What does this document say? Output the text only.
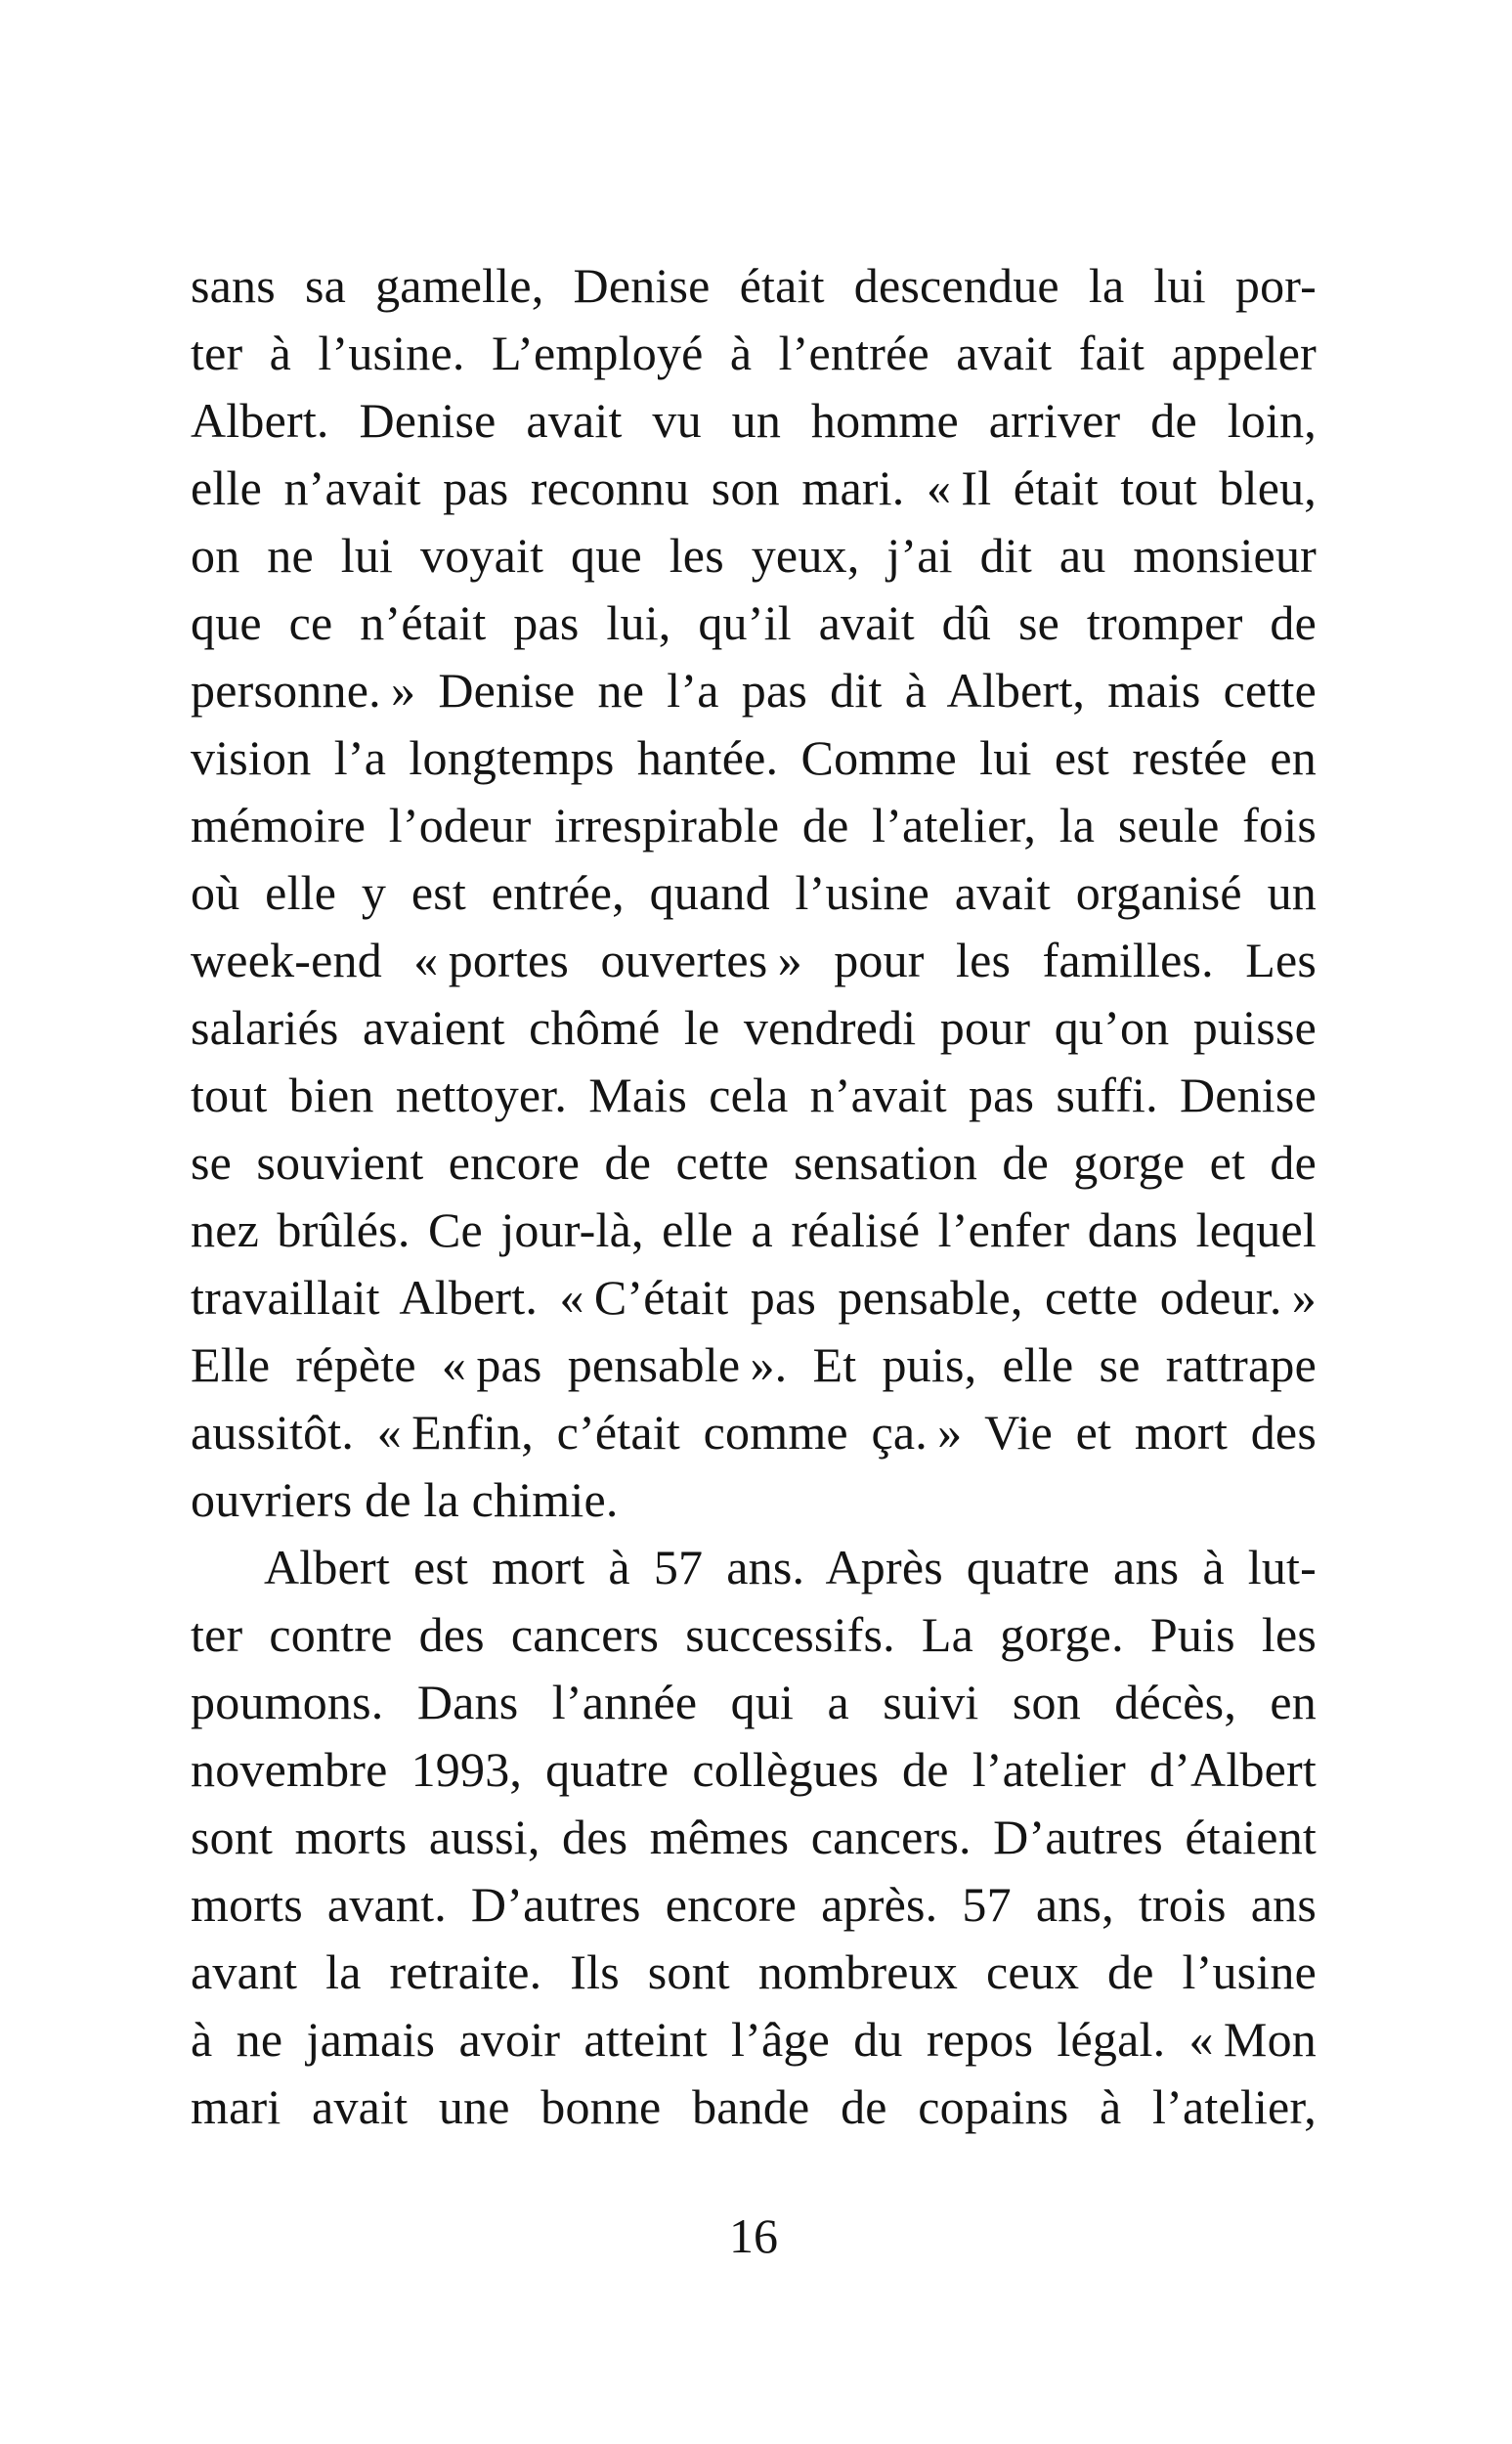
sans sa gamelle, Denise était descendue la lui por-
ter à l’usine. L’employé à l’entrée avait fait appeler
Albert. Denise avait vu un homme arriver de loin,
elle n’avait pas reconnu son mari. « Il était tout bleu,
on ne lui voyait que les yeux, j’ai dit au monsieur
que ce n’était pas lui, qu’il avait dû se tromper de
personne. » Denise ne l’a pas dit à Albert, mais cette
vision l’a longtemps hantée. Comme lui est restée en
mémoire l’odeur irrespirable de l’atelier, la seule fois
où elle y est entrée, quand l’usine avait organisé un
week-end « portes ouvertes » pour les familles. Les
salariés avaient chômé le vendredi pour qu’on puisse
tout bien nettoyer. Mais cela n’avait pas suffi. Denise
se souvient encore de cette sensation de gorge et de
nez brûlés. Ce jour-là, elle a réalisé l’enfer dans lequel
travaillait Albert. « C’était pas pensable, cette odeur. »
Elle répète « pas pensable ». Et puis, elle se rattrape
aussitôt. « Enfin, c’était comme ça. » Vie et mort des
ouvriers de la chimie.
Albert est mort à 57 ans. Après quatre ans à lut-
ter contre des cancers successifs. La gorge. Puis les
poumons. Dans l’année qui a suivi son décès, en
novembre 1993, quatre collègues de l’atelier d’Albert
sont morts aussi, des mêmes cancers. D’autres étaient
morts avant. D’autres encore après. 57 ans, trois ans
avant la retraite. Ils sont nombreux ceux de l’usine
à ne jamais avoir atteint l’âge du repos légal. « Mon
mari avait une bonne bande de copains à l’atelier,
16
